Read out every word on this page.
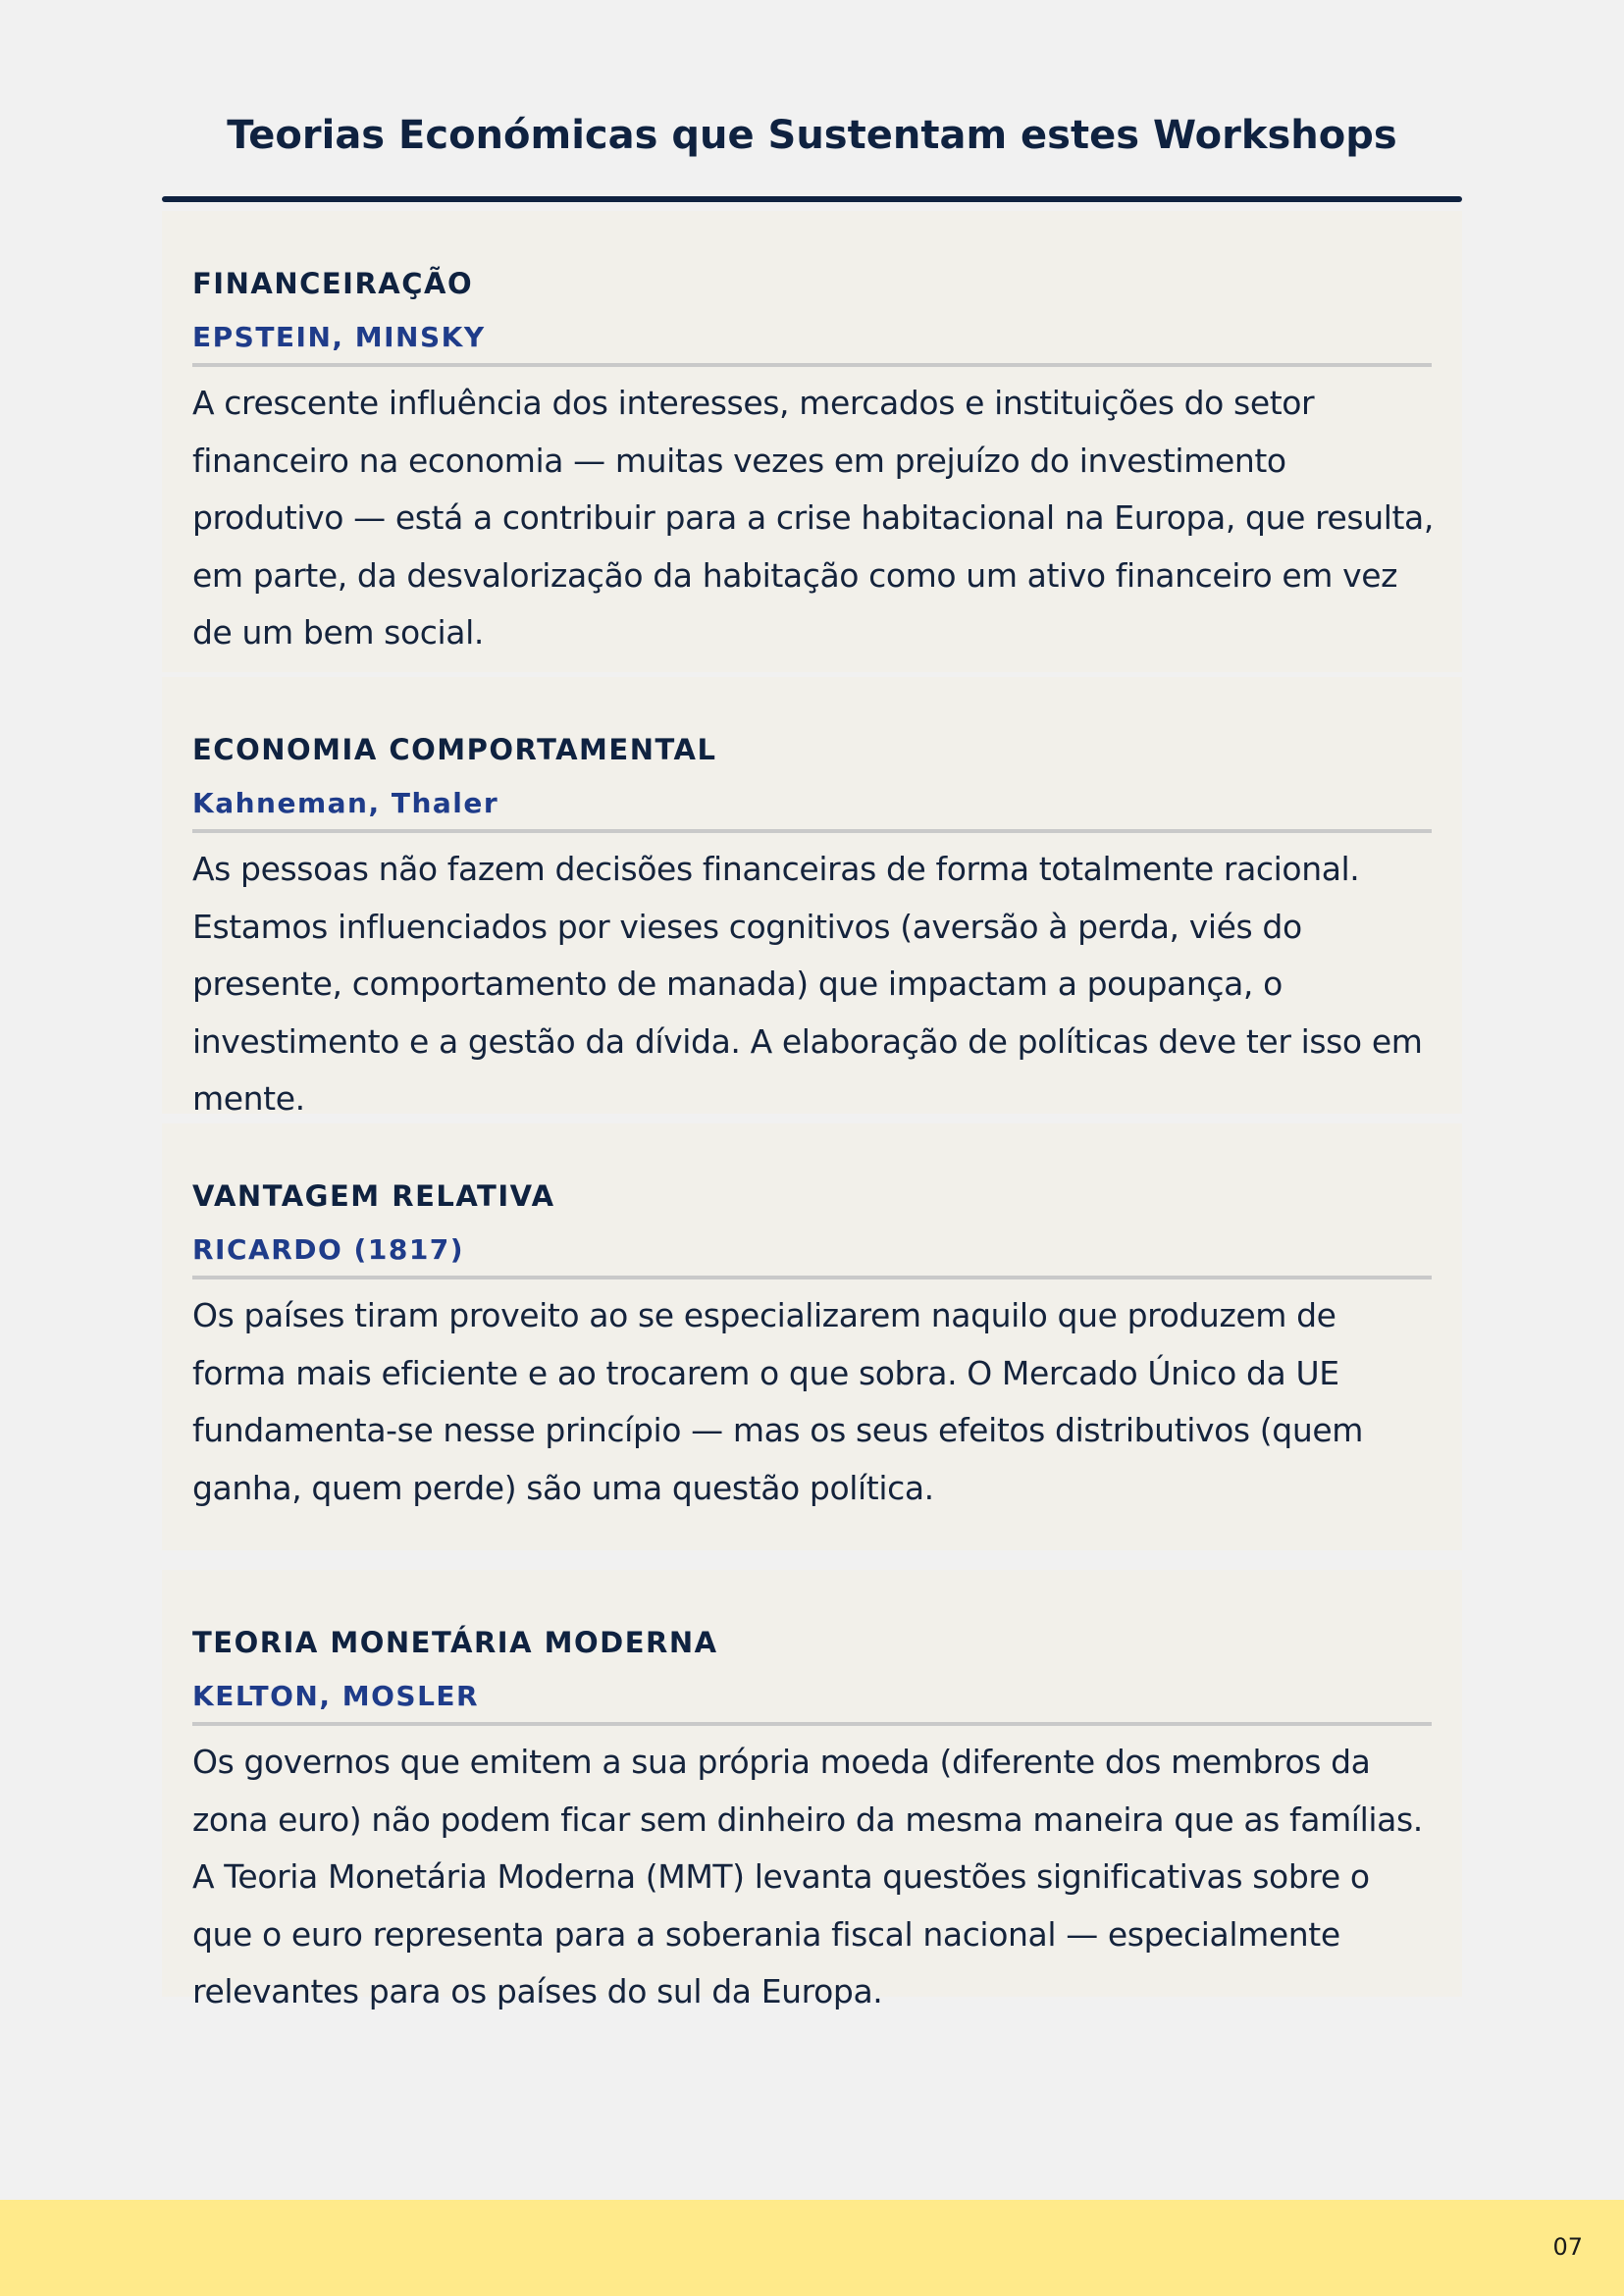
Teorias Económicas que Sustentam estes Workshops
FINANCEIRAÇÃO
EPSTEIN, MINSKY

A crescente influência dos interesses, mercados e instituições do setor financeiro na economia — muitas vezes em prejuízo do investimento produtivo — está a contribuir para a crise habitacional na Europa, que resulta, em parte, da desvalorização da habitação como um ativo financeiro em vez de um bem social.

ECONOMIA COMPORTAMENTAL
Kahneman, Thaler

As pessoas não fazem decisões financeiras de forma totalmente racional. Estamos influenciados por vieses cognitivos (aversão à perda, viés do presente, comportamento de manada) que impactam a poupança, o investimento e a gestão da dívida. A elaboração de políticas deve ter isso em mente.

VANTAGEM RELATIVA
RICARDO (1817)

Os países tiram proveito ao se especializarem naquilo que produzem de forma mais eficiente e ao trocarem o que sobra. O Mercado Único da UE fundamenta-se nesse princípio — mas os seus efeitos distributivos (quem ganha, quem perde) são uma questão política.

TEORIA MONETÁRIA MODERNA
KELTON, MOSLER

Os governos que emitem a sua própria moeda (diferente dos membros da zona euro) não podem ficar sem dinheiro da mesma maneira que as famílias. A Teoria Monetária Moderna (MMT) levanta questões significativas sobre o que o euro representa para a soberania fiscal nacional — especialmente relevantes para os países do sul da Europa.

07
